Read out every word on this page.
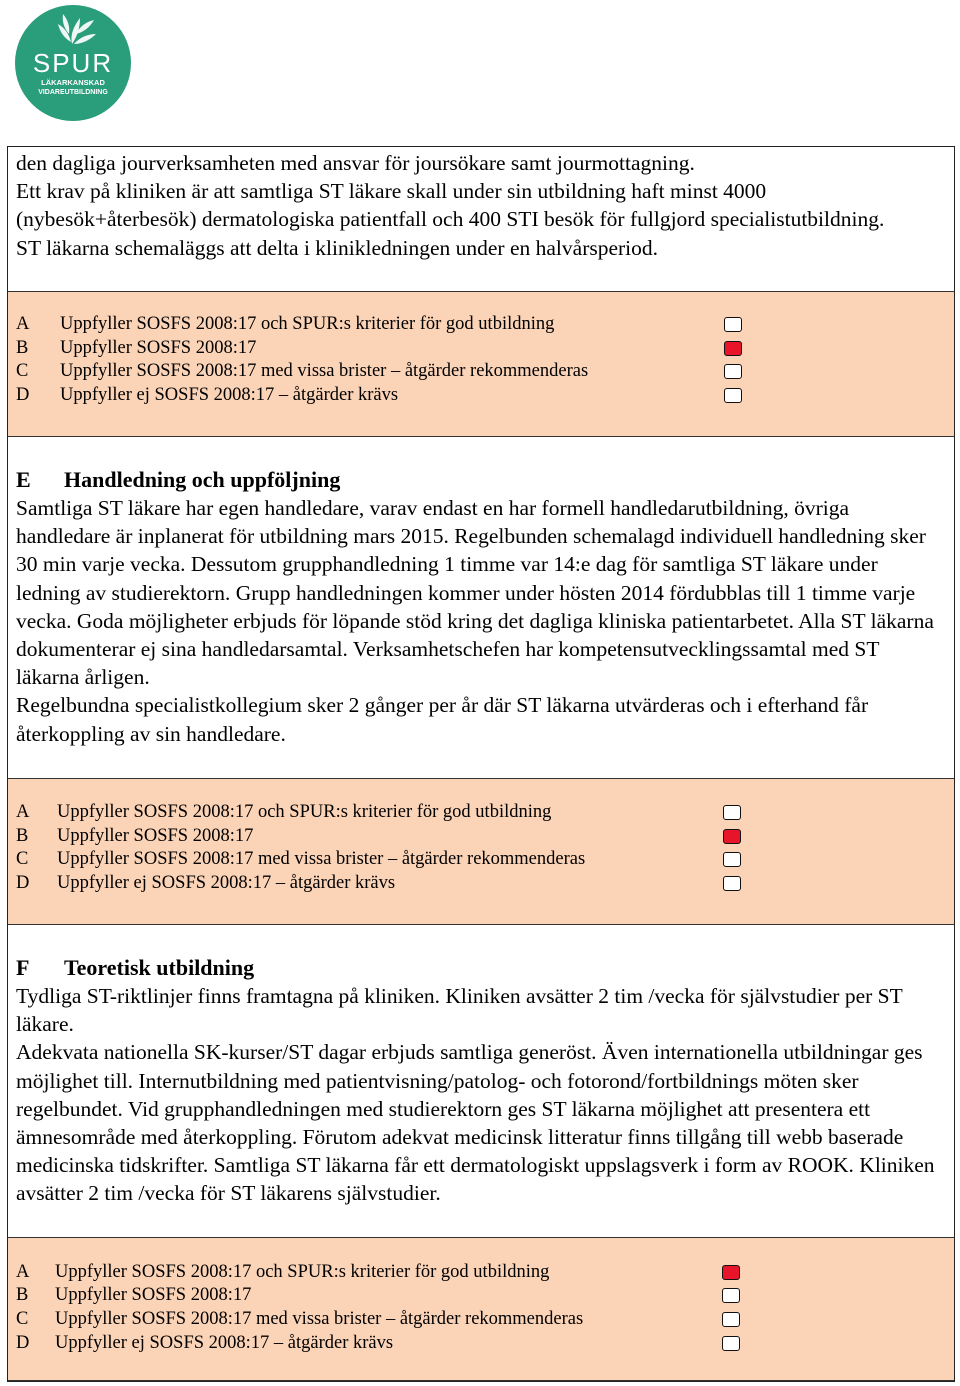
SPUR
LÄKARKANSKAD
VIDAREUTBILDNING

den dagliga jourverksamheten med ansvar för joursökare samt jourmottagning.

Ett krav på kliniken är att samtliga ST läkare skall under sin utbildning haft minst 4000 (nybesök+återbesök) dermatologiska patientfall och 400 STI besök för fullgjord specialistutbildning.

ST läkarna schemaläggs att delta i klinikledningen under en halvårsperiod.

A Uppfyller SOSFS 2008:17 och SPUR:s kriterier för god utbildning
B Uppfyller SOSFS 2008:17
C Uppfyller SOSFS 2008:17 med vissa brister – åtgärder rekommenderas
D Uppfyller ej SOSFS 2008:17 – åtgärder krävs

E Handledning och uppföljning

Samtliga ST läkare har egen handledare, varav endast en har formell handledarutbildning, övriga handledare är inplanerat för utbildning mars 2015. Regelbunden schemalagd individuell handledning sker 30 min varje vecka. Dessutom grupphandledning 1 timme var 14:e dag för samtliga ST läkare under ledning av studierektorn. Grupp handledningen kommer under hösten 2014 fördubblas till 1 timme varje vecka. Goda möjligheter erbjuds för löpande stöd kring det dagliga kliniska patientarbetet. Alla ST läkarna dokumenterar ej sina handledarsamtal. Verksamhetschefen har kompetensutvecklingssamtal med ST läkarna årligen.

Regelbundna specialistkollegium sker 2 gånger per år där ST läkarna utvärderas och i efterhand får återkoppling av sin handledare.

A Uppfyller SOSFS 2008:17 och SPUR:s kriterier för god utbildning
B Uppfyller SOSFS 2008:17
C Uppfyller SOSFS 2008:17 med vissa brister – åtgärder rekommenderas
D Uppfyller ej SOSFS 2008:17 – åtgärder krävs

F Teoretisk utbildning

Tydliga ST-riktlinjer finns framtagna på kliniken. Kliniken avsätter 2 tim /vecka för självstudier per ST läkare.

Adekvata nationella SK-kurser/ST dagar erbjuds samtliga generöst. Även internationella utbildningar ges möjlighet till. Internutbildning med patientvisning/patolog- och fotorond/fortbildnings möten sker regelbundet. Vid grupphandledningen med studierektorn ges ST läkarna möjlighet att presentera ett ämnesområde med återkoppling. Förutom adekvat medicinsk litteratur finns tillgång till webb baserade medicinska tidskrifter. Samtliga ST läkarna får ett dermatologiskt uppslagsverk i form av ROOK. Kliniken avsätter 2 tim /vecka för ST läkarens självstudier.

A Uppfyller SOSFS 2008:17 och SPUR:s kriterier för god utbildning
B Uppfyller SOSFS 2008:17
C Uppfyller SOSFS 2008:17 med vissa brister – åtgärder rekommenderas
D Uppfyller ej SOSFS 2008:17 – åtgärder krävs
